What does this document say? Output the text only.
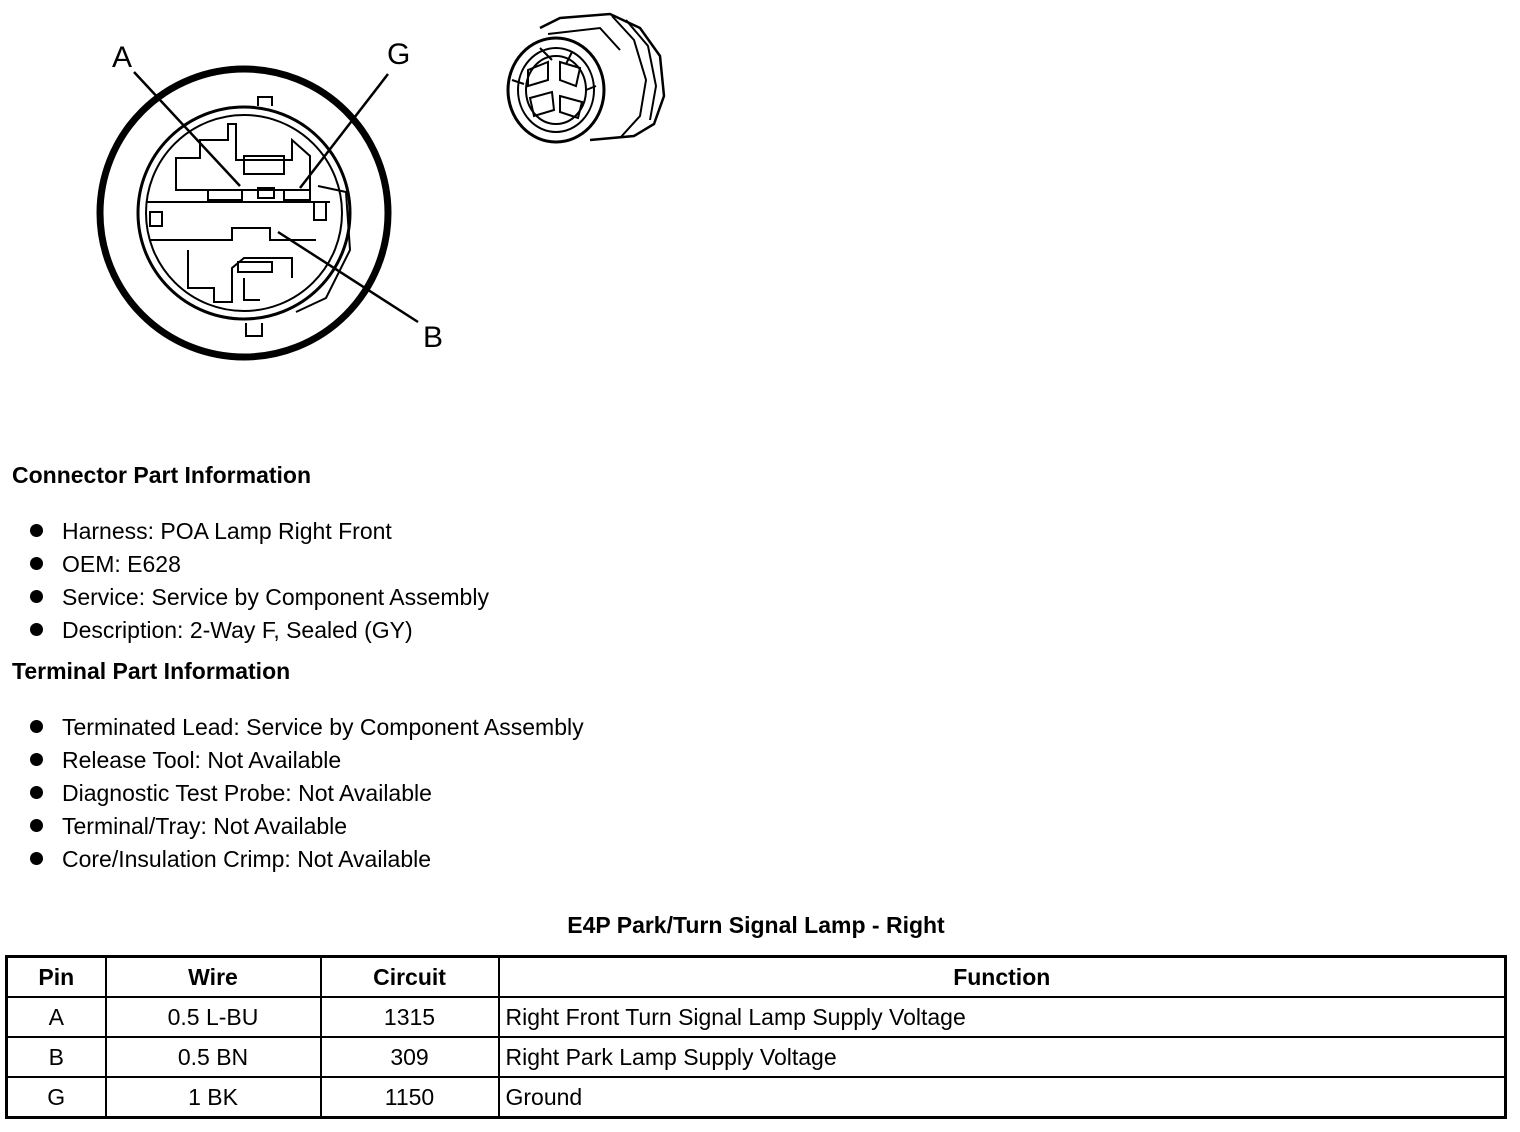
A	G
B
Connector Part Information
Harness: POA Lamp Right Front
OEM: E628
Service: Service by Component Assembly
Description: 2-Way F, Sealed (GY)
Terminal Part Information
Terminated Lead: Service by Component Assembly
Release Tool: Not Available
Diagnostic Test Probe: Not Available
Terminal/Tray: Not Available
Core/Insulation Crimp: Not Available
E4P Park/Turn Signal Lamp - Right
Pin	Wire	Circuit	Function
A	0.5 L-BU	1315	Right Front Turn Signal Lamp Supply Voltage
B	0.5 BN	309	Right Park Lamp Supply Voltage
G	1 BK	1150	Ground
